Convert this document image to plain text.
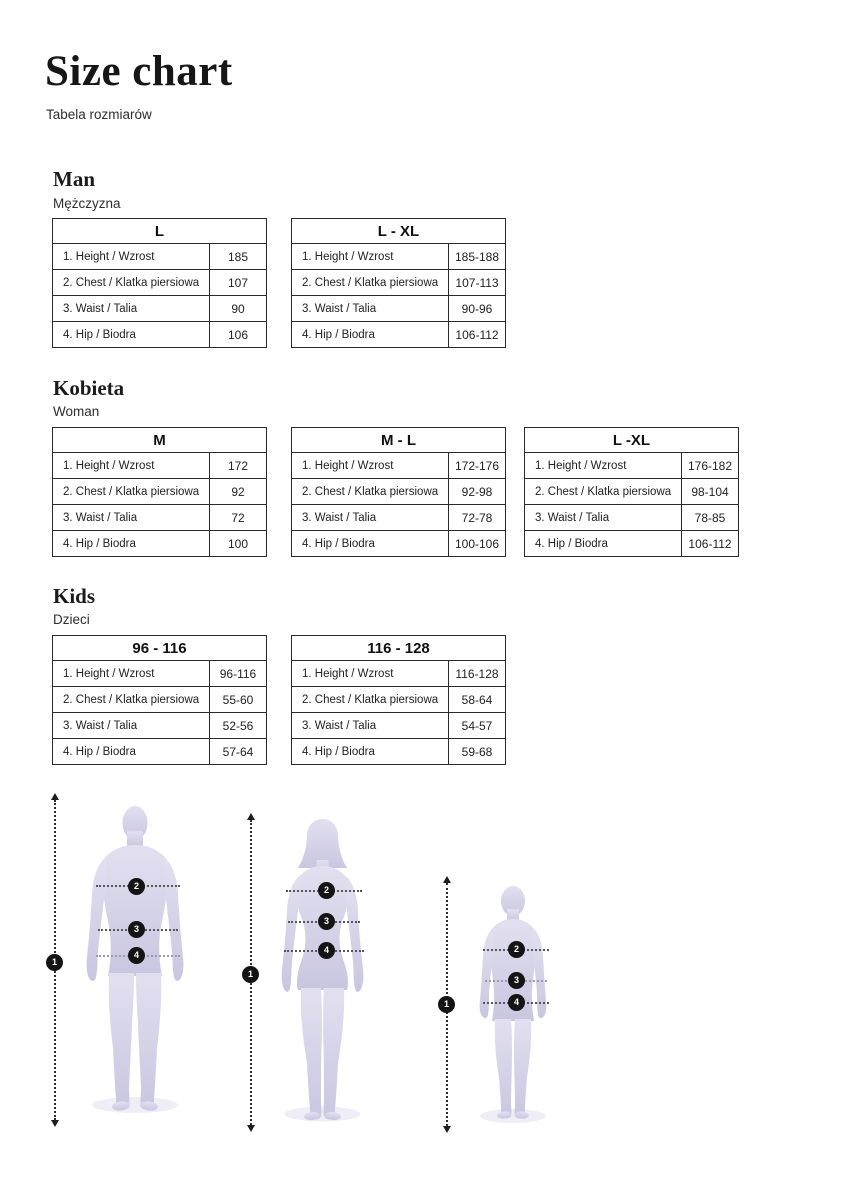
Size chart
Tabela rozmiarów
Man
Mężczyzna
L
1. Height / Wzrost	185
2. Chest / Klatka piersiowa	107
3. Waist / Talia	90
4. Hip / Biodra	106
L - XL
1. Height / Wzrost	185-188
2. Chest / Klatka piersiowa	107-113
3. Waist / Talia	90-96
4. Hip / Biodra	106-112
Kobieta
Woman
M
1. Height / Wzrost	172
2. Chest / Klatka piersiowa	92
3. Waist / Talia	72
4. Hip / Biodra	100
M - L
1. Height / Wzrost	172-176
2. Chest / Klatka piersiowa	92-98
3. Waist / Talia	72-78
4. Hip / Biodra	100-106
L -XL
1. Height / Wzrost	176-182
2. Chest / Klatka piersiowa	98-104
3. Waist / Talia	78-85
4. Hip / Biodra	106-112
Kids
Dzieci
96 - 116
1. Height / Wzrost	96-116
2. Chest / Klatka piersiowa	55-60
3. Waist / Talia	52-56
4. Hip / Biodra	57-64
116 - 128
1. Height / Wzrost	116-128
2. Chest / Klatka piersiowa	58-64
3. Waist / Talia	54-57
4. Hip / Biodra	59-68
1
2
3
4
1
2
3
4
1
2
3
4
